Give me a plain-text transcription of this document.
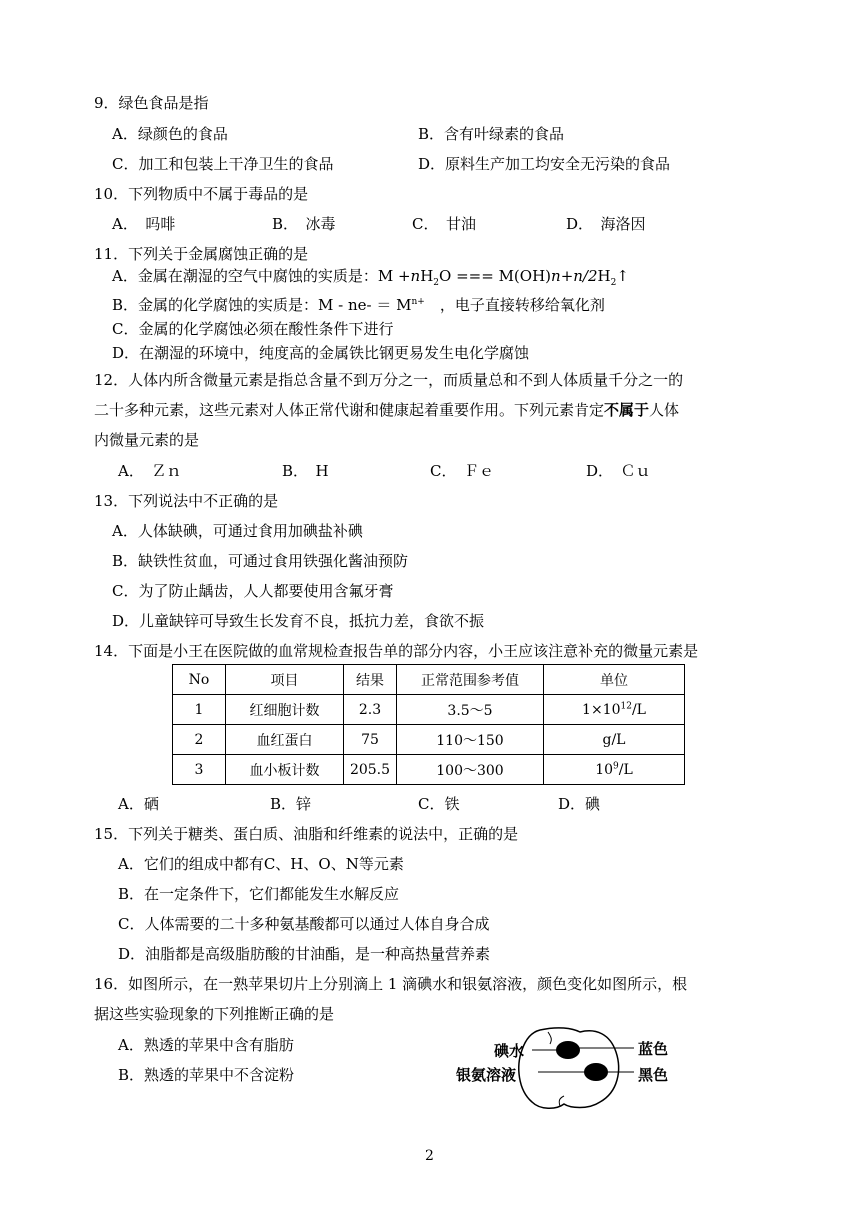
9．绿色食品是指
A．绿颜色的食品	B．含有叶绿素的食品
C．加工和包装上干净卫生的食品	D．原料生产加工均安全无污染的食品
10．下列物质中不属于毒品的是
A．　吗啡	B．　冰毒	C．　甘油	D．　海洛因
11．下列关于金属腐蚀正确的是
A．金属在潮湿的空气中腐蚀的实质是：$M +nH_2O$ === $M(OH)n+n/2H_2↑$
B．金属的化学腐蚀的实质是：$M - ne- = M^{n+}$　，电子直接转移给氧化剂
C．金属的化学腐蚀必须在酸性条件下进行
D．在潮湿的环境中，纯度高的金属铁比钢更易发生电化学腐蚀
12．人体内所含微量元素是指总含量不到万分之一，而质量总和不到人体质量千分之一的
二十多种元素，这些元素对人体正常代谢和健康起着重要作用。下列元素肯定不属于人体
内微量元素的是
A．　Ｚｎ	B．　H	C．　Ｆｅ	D．　Ｃｕ
13．下列说法中不正确的是
A．人体缺碘，可通过食用加碘盐补碘
B．缺铁性贫血，可通过食用铁强化酱油预防
C．为了防止龋齿，人人都要使用含氟牙膏
D．儿童缺锌可导致生长发育不良，抵抗力差，食欲不振
14．下面是小王在医院做的血常规检查报告单的部分内容，小王应该注意补充的微量元素是
No	项目	结果	正常范围参考值	单位
1	红细胞计数	2.3	3.5～5	$1\times 10^{12}/L$
2	血红蛋白	75	110～150	g/L
3	血小板计数	205.5	100～300	$10^9/L$
A．硒	B．锌	C．铁	D．碘
15．下列关于糖类、蛋白质、油脂和纤维素的说法中，正确的是
A．它们的组成中都有C、H、O、N等元素
B．在一定条件下，它们都能发生水解反应
C．人体需要的二十多种氨基酸都可以通过人体自身合成
D．油脂都是高级脂肪酸的甘油酯，是一种高热量营养素
16．如图所示，在一熟苹果切片上分别滴上 1 滴碘水和银氨溶液，颜色变化如图所示，根
据这些实验现象的下列推断正确的是
A．熟透的苹果中含有脂肪
B．熟透的苹果中不含淀粉
碘水
银氨溶液
蓝色
黑色
2
